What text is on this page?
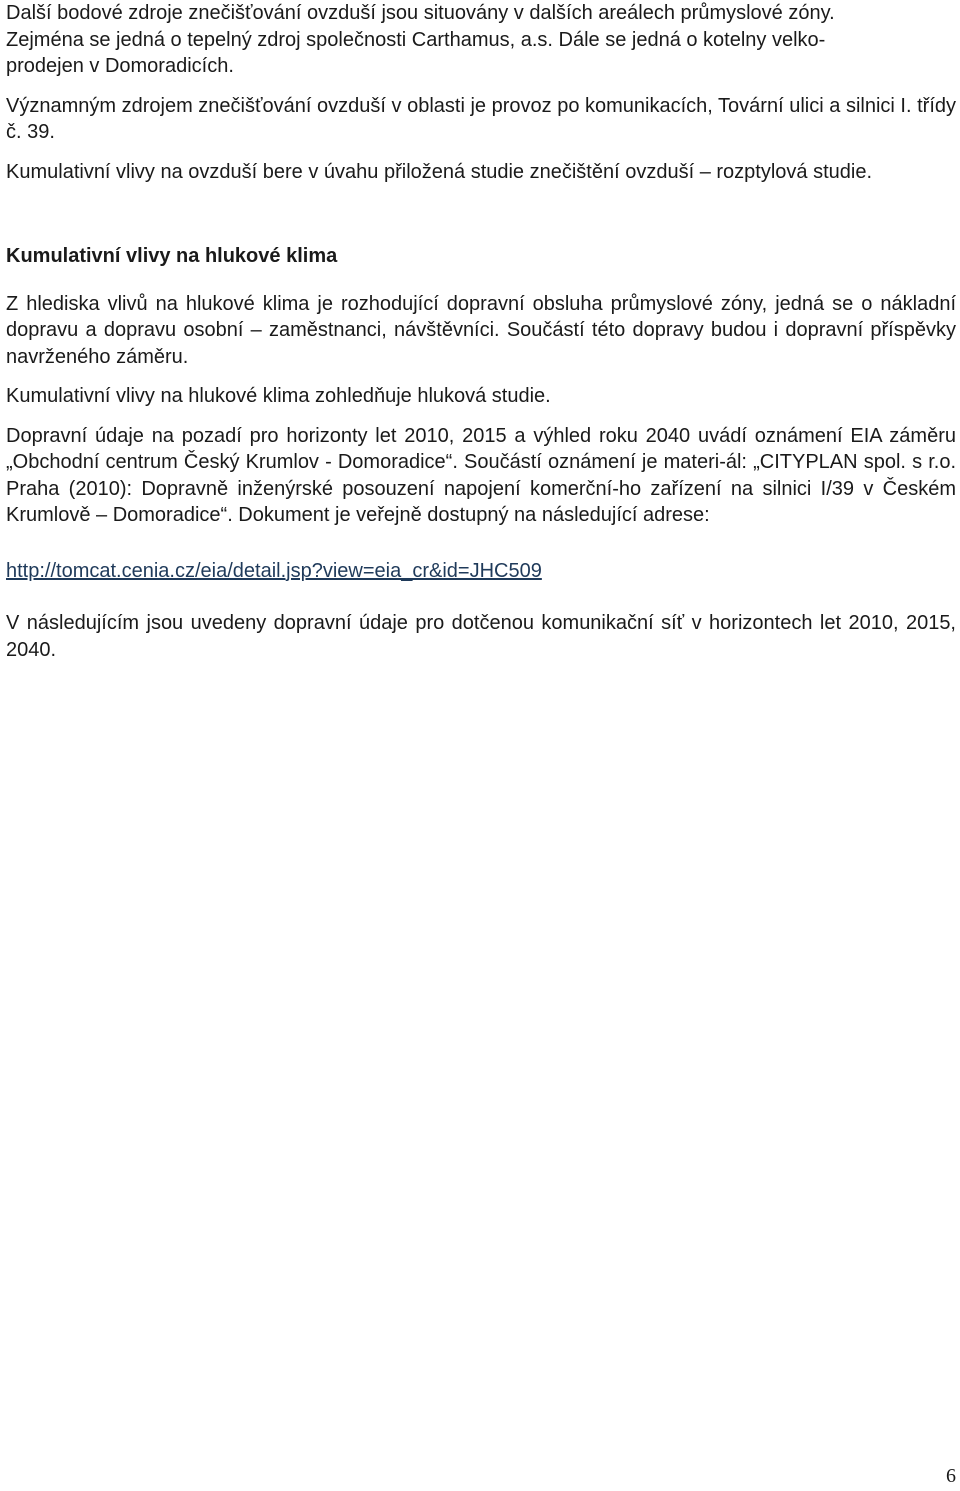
Další bodové zdroje znečišťování ovzduší jsou situovány v dalších areálech průmyslové zóny.

Zejména se jedná o tepelný zdroj společnosti Carthamus, a.s. Dále se jedná o kotelny velko-

prodejen v Domoradicích.

Významným zdrojem znečišťování ovzduší v oblasti je provoz po komunikacích, Tovární ulici a silnici I. třídy č. 39.

Kumulativní vlivy na ovzduší bere v úvahu přiložená studie znečištění ovzduší – rozptylová studie.

Kumulativní vlivy na hlukové klima

Z hlediska vlivů na hlukové klima je rozhodující dopravní obsluha průmyslové zóny, jedná se o nákladní dopravu a dopravu osobní – zaměstnanci, návštěvníci. Součástí této dopravy budou i dopravní příspěvky navrženého záměru.

Kumulativní vlivy na hlukové klima zohledňuje hluková studie.

Dopravní údaje na pozadí pro horizonty let 2010, 2015 a výhled roku 2040 uvádí oznámení EIA záměru „Obchodní centrum Český Krumlov - Domoradice“. Součástí oznámení je materi-ál: „CITYPLAN spol. s r.o. Praha (2010): Dopravně inženýrské posouzení napojení komerční-ho zařízení na silnici I/39 v Českém Krumlově – Domoradice“. Dokument je veřejně dostupný na následující adrese:

http://tomcat.cenia.cz/eia/detail.jsp?view=eia_cr&id=JHC509

V následujícím jsou uvedeny dopravní údaje pro dotčenou komunikační síť v horizontech let 2010, 2015, 2040.

6
